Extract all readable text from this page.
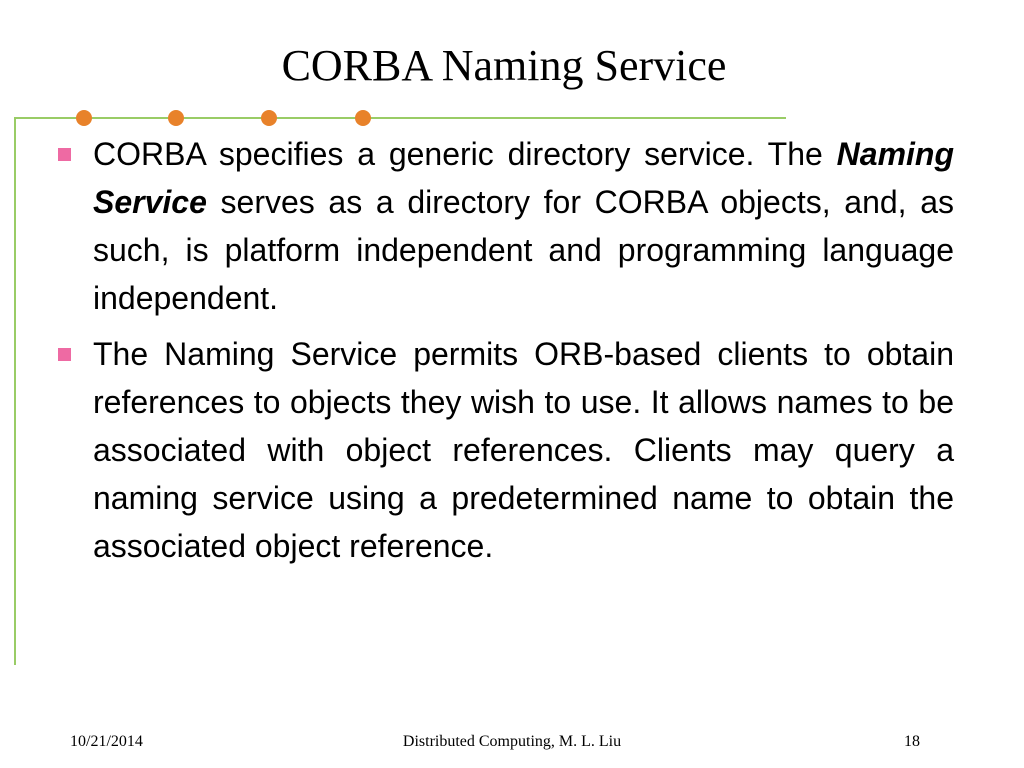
CORBA Naming Service
CORBA specifies a generic directory service. The Naming Service serves as a directory for CORBA objects, and, as such, is platform independent and programming language independent.
The Naming Service permits ORB-based clients to obtain references to objects they wish to use. It allows names to be associated with object references. Clients may query a naming service using a predetermined name to obtain the associated object reference.
10/21/2014	Distributed Computing, M. L. Liu	18
